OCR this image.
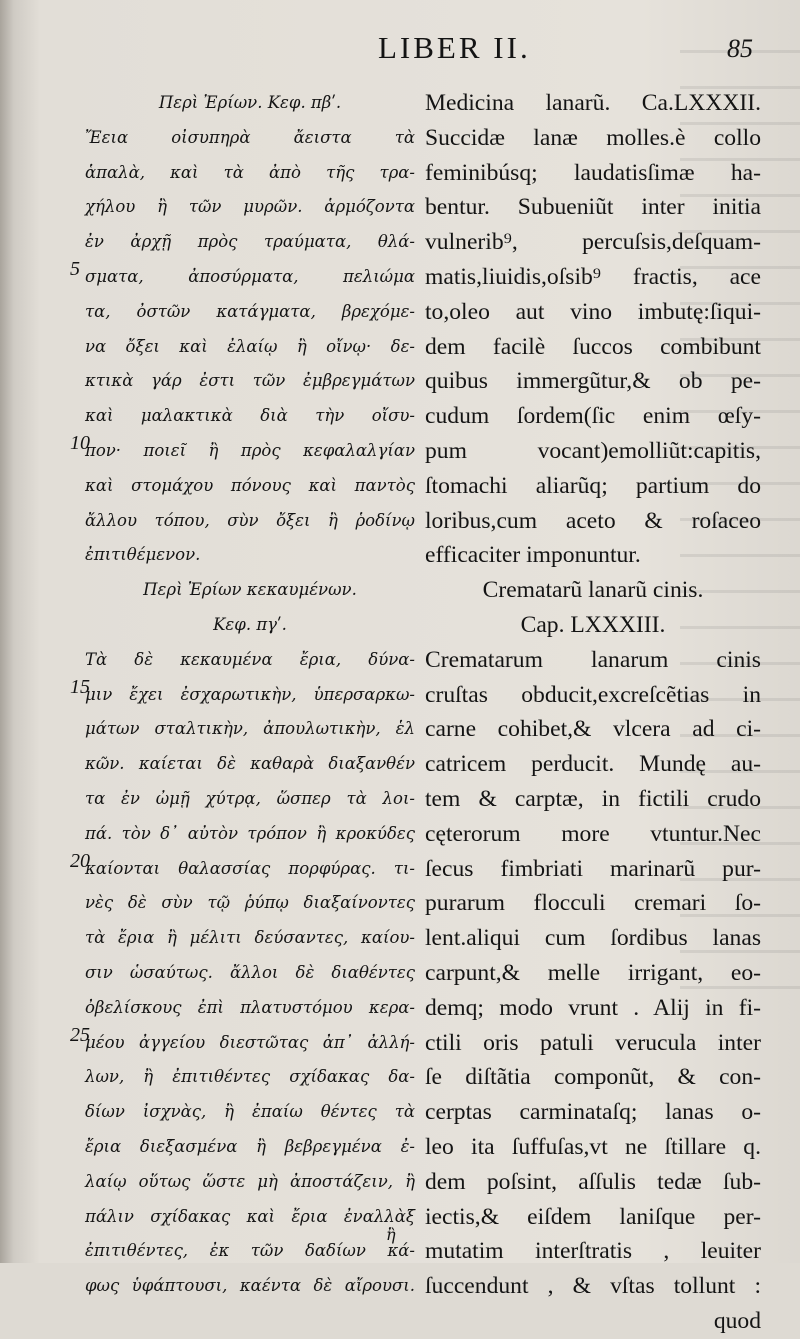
LIBER II.	85
Περὶ Ἐρίων. Κεφ. πβʹ.
Ἔεια οἰσυπηρὰ ἄειστα τὰ
ἁπαλὰ, καὶ τὰ ἀπὸ τῆς τρα-
χήλου ἢ τῶν μυρῶν. ἁρμόζοντα
ἐν ἀρχῇ πρὸς τραύματα, θλά-
σματα, ἀποσύρματα, πελιώμα
τα, ὀστῶν κατάγματα, βρεχόμε-
να ὄξει καὶ ἐλαίῳ ἢ οἴνῳ· δε-
κτικὰ γάρ ἐστι τῶν ἐμβρεγμάτων
καὶ μαλακτικὰ διὰ τὴν οἴσυ-
πον· ποιεῖ ἢ πρὸς κεφαλαλγίαν
καὶ στομάχου πόνους καὶ παντὸς
ἄλλου τόπου, σὺν ὄξει ἢ ῥοδίνῳ
ἐπιτιθέμενον.
Περὶ Ἐρίων κεκαυμένων.
Κεφ. πγʹ.
Τὰ δὲ κεκαυμένα ἔρια, δύνα-
μιν ἔχει ἐσχαρωτικὴν, ὑπερσαρκω-
μάτων σταλτικὴν, ἀπουλωτικὴν, ἑλ
κῶν. καίεται δὲ καθαρὰ διαξανθέν
τα ἐν ὠμῇ χύτρᾳ, ὥσπερ τὰ λοι-
πά. τὸν δ᾽ αὐτὸν τρόπον ἢ κροκύδες
καίονται θαλασσίας πορφύρας. τι-
νὲς δὲ σὺν τῷ ῥύπῳ διαξαίνοντες
τὰ ἔρια ἢ μέλιτι δεύσαντες, καίου-
σιν ὡσαύτως. ἄλλοι δὲ διαθέντες
ὀβελίσκους ἐπὶ πλατυστόμου κερα-
μέου ἀγγείου διεστῶτας ἀπ᾽ ἀλλή-
λων, ἢ ἐπιτιθέντες σχίδακας δα-
δίων ἰσχνὰς, ἢ ἐπαίω θέντες τὰ
ἔρια διεξασμένα ἢ βεβρεγμένα ἐ-
λαίῳ οὕτως ὥστε μὴ ἀποστάζειν, ἢ
πάλιν σχίδακας καὶ ἔρια ἐναλλὰξ
ἐπιτιθέντες, ἐκ τῶν δαδίων κά-
φως ὑφάπτουσι, καέντα δὲ αἴρουσι.
Medicina lanarũ. Ca.LXXXII.
Succidæ lanæ molles.è collo
feminibúsq; laudatisſimæ ha-
bentur. Subueniũt inter initia
vulnerib⁹, percuſsis,deſquam-
matis,liuidis,oſsib⁹ fractis, ace
to,oleo aut vino imbutę:ſiqui-
dem facilè ſuccos combibunt
quibus immergũtur,& ob pe-
cudum ſordem(ſic enim œſy-
pum vocant)emolliũt:capitis,
ſtomachi aliarũq; partium do
loribus,cum aceto & roſaceo
efficaciter imponuntur.
Crematarũ lanarũ cinis.
Cap. LXXXIII.
Crematarum lanarum cinis
cruſtas obducit,excreſcẽtias in
carne cohibet,& vlcera ad ci-
catricem perducit. Mundę au-
tem & carptæ, in fictili crudo
cęterorum more vtuntur.Nec
ſecus fimbriati marinarũ pur-
purarum flocculi cremari ſo-
lent.aliqui cum ſordibus lanas
carpunt,& melle irrigant, eo-
demq; modo vrunt . Alij in fi-
ctili oris patuli verucula inter
ſe diſtãtia componũt, & con-
cerptas carminataſq; lanas o-
leo ita ſuffuſas,vt ne ſtillare q.
dem poſsint, aſſulis tedæ ſub-
iectis,& eiſdem laniſque per-
mutatim interſtratis , leuiter
ſuccendunt , & vſtas tollunt :
quod
5
10
15
20
25
ἢ
